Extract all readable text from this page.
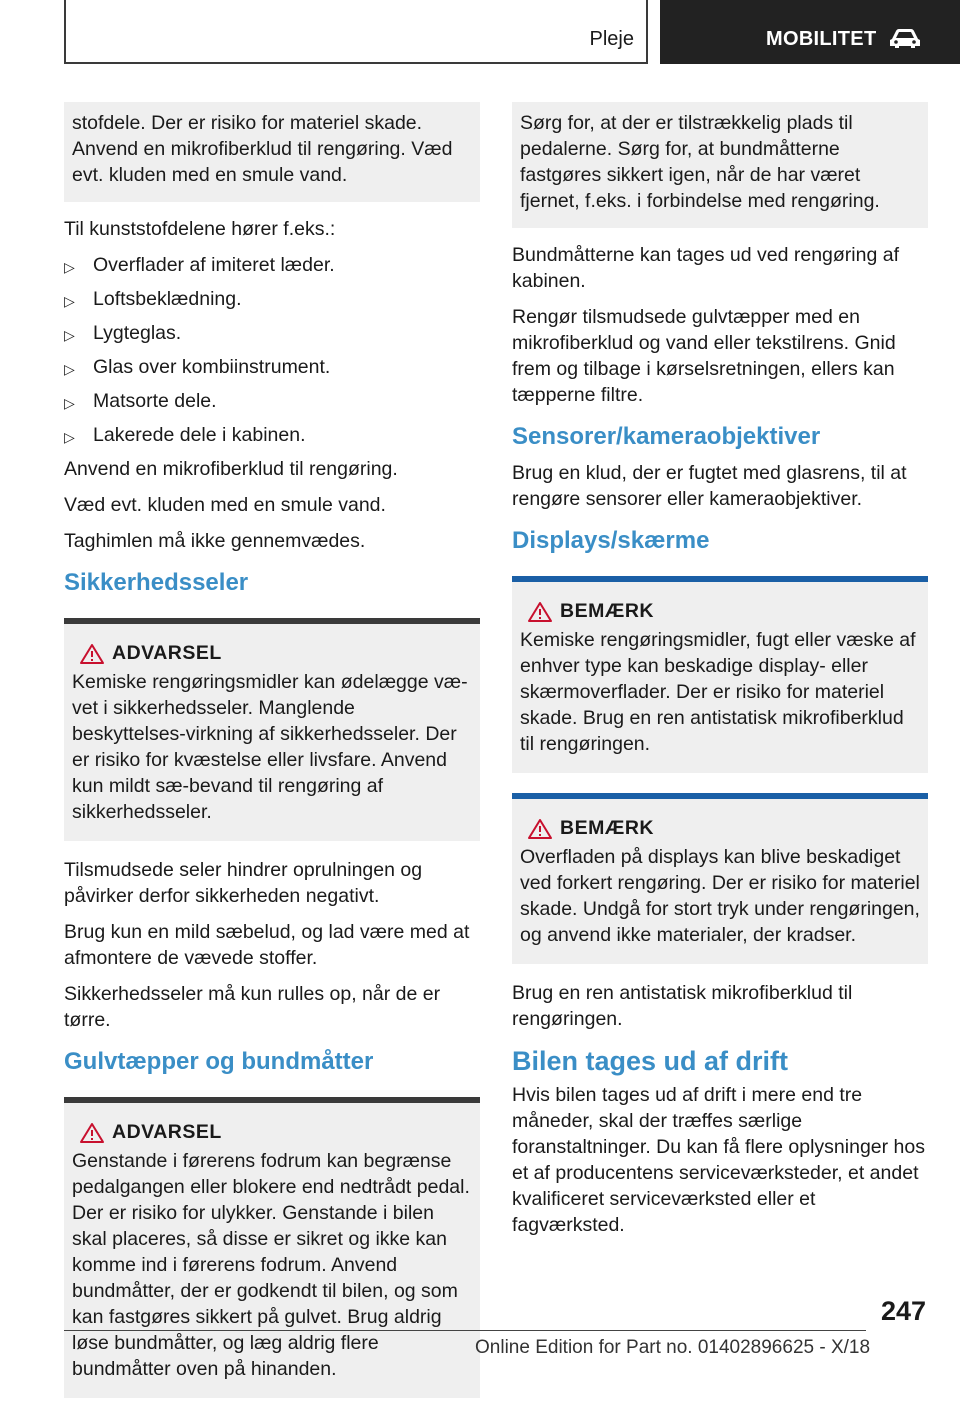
Pleje	MOBILITET

stofdele. Der er risiko for materiel skade. Anvend en mikrofiberklud til rengøring. Væd evt. kluden med en smule vand.

Til kunststofdelene hører f.eks.:

▷ Overflader af imiteret læder.
▷ Loftsbeklædning.
▷ Lygteglas.
▷ Glas over kombiinstrument.
▷ Matsorte dele.
▷ Lakerede dele i kabinen.

Anvend en mikrofiberklud til rengøring.

Væd evt. kluden med en smule vand.

Taghimlen må ikke gennemvædes.

Sikkerhedsseler
ADVARSEL

Kemiske rengøringsmidler kan ødelægge væ-vet i sikkerhedsseler. Manglende beskyttelses-virkning af sikkerhedsseler. Der er risiko for kvæstelse eller livsfare. Anvend kun mildt sæ-bevand til rengøring af sikkerhedsseler.

Tilsmudsede seler hindrer oprulningen og påvirker derfor sikkerheden negativt.

Brug kun en mild sæbelud, og lad være med at afmontere de vævede stoffer.

Sikkerhedsseler må kun rulles op, når de er tørre.

Gulvtæpper og bundmåtter
ADVARSEL

Genstande i førerens fodrum kan begrænse pedalgangen eller blokere end nedtrådt pedal. Der er risiko for ulykker. Genstande i bilen skal placeres, så disse er sikret og ikke kan komme ind i førerens fodrum. Anvend bundmåtter, der er godkendt til bilen, og som kan fastgøres sikkert på gulvet. Brug aldrig løse bundmåtter, og læg aldrig flere bundmåtter oven på hinanden.

Sørg for, at der er tilstrækkelig plads til pedalerne. Sørg for, at bundmåtterne fastgøres sikkert igen, når de har været fjernet, f.eks. i forbindelse med rengøring.

Bundmåtterne kan tages ud ved rengøring af kabinen.

Rengør tilsmudsede gulvtæpper med en mikrofiberklud og vand eller tekstilrens. Gnid frem og tilbage i kørselsretningen, ellers kan tæpperne filtre.

Sensorer/kameraobjektiver

Brug en klud, der er fugtet med glasrens, til at rengøre sensorer eller kameraobjektiver.

Displays/skærme
BEMÆRK

Kemiske rengøringsmidler, fugt eller væske af enhver type kan beskadige display- eller skærmoverflader. Der er risiko for materiel skade. Brug en ren antistatisk mikrofiberklud til rengøringen.

BEMÆRK

Overfladen på displays kan blive beskadiget ved forkert rengøring. Der er risiko for materiel skade. Undgå for stort tryk under rengøringen, og anvend ikke materialer, der kradser.

Brug en ren antistatisk mikrofiberklud til rengøringen.

Bilen tages ud af drift

Hvis bilen tages ud af drift i mere end tre måneder, skal der træffes særlige foranstaltninger. Du kan få flere oplysninger hos et af producentens serviceværksteder, et andet kvalificeret serviceværksted eller et fagværksted.

247
Online Edition for Part no. 01402896625 - X/18
